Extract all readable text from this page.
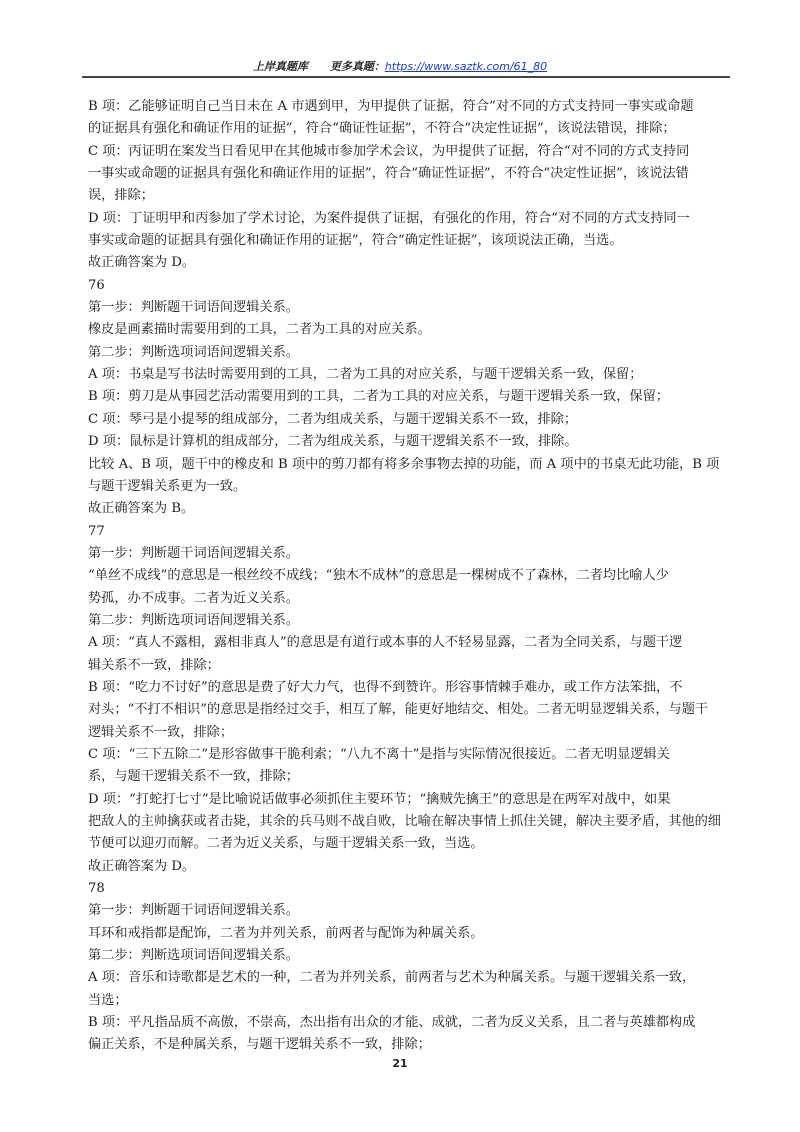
上岸真题库　　更多真题：https://www.saztk.com/61_80
B 项：乙能够证明自己当日未在 A 市遇到甲，为甲提供了证据，符合“对不同的方式支持同一事实或命题
的证据具有强化和确证作用的证据”，符合“确证性证据”，不符合“决定性证据”，该说法错误，排除；
C 项：丙证明在案发当日看见甲在其他城市参加学术会议，为甲提供了证据，符合“对不同的方式支持同
一事实或命题的证据具有强化和确证作用的证据”，符合“确证性证据”，不符合“决定性证据”，该说法错
误，排除；
D 项：丁证明甲和丙参加了学术讨论，为案件提供了证据，有强化的作用，符合“对不同的方式支持同一
事实或命题的证据具有强化和确证作用的证据”，符合“确定性证据”，该项说法正确，当选。
故正确答案为 D。
76
第一步：判断题干词语间逻辑关系。
橡皮是画素描时需要用到的工具，二者为工具的对应关系。
第二步：判断选项词语间逻辑关系。
A 项：书桌是写书法时需要用到的工具，二者为工具的对应关系，与题干逻辑关系一致，保留；
B 项：剪刀是从事园艺活动需要用到的工具，二者为工具的对应关系，与题干逻辑关系一致，保留；
C 项：琴弓是小提琴的组成部分，二者为组成关系，与题干逻辑关系不一致，排除；
D 项：鼠标是计算机的组成部分，二者为组成关系，与题干逻辑关系不一致，排除。
比较 A、B 项，题干中的橡皮和 B 项中的剪刀都有将多余事物去掉的功能，而 A 项中的书桌无此功能，B 项
与题干逻辑关系更为一致。
故正确答案为 B。
77
第一步：判断题干词语间逻辑关系。
“单丝不成线”的意思是一根丝绞不成线；“独木不成林”的意思是一棵树成不了森林，二者均比喻人少
势孤，办不成事。二者为近义关系。
第二步：判断选项词语间逻辑关系。
A 项：“真人不露相，露相非真人”的意思是有道行或本事的人不轻易显露，二者为全同关系，与题干逻
辑关系不一致，排除；
B 项：“吃力不讨好”的意思是费了好大力气，也得不到赞许。形容事情棘手难办，或工作方法笨拙，不
对头；“不打不相识”的意思是指经过交手，相互了解，能更好地结交、相处。二者无明显逻辑关系，与题干
逻辑关系不一致，排除；
C 项：“三下五除二”是形容做事干脆利索；“八九不离十”是指与实际情况很接近。二者无明显逻辑关
系，与题干逻辑关系不一致，排除；
D 项：“打蛇打七寸”是比喻说话做事必须抓住主要环节；“擒贼先擒王”的意思是在两军对战中，如果
把敌人的主帅擒获或者击毙，其余的兵马则不战自败，比喻在解决事情上抓住关键，解决主要矛盾，其他的细
节便可以迎刃而解。二者为近义关系，与题干逻辑关系一致，当选。
故正确答案为 D。
78
第一步：判断题干词语间逻辑关系。
耳环和戒指都是配饰，二者为并列关系，前两者与配饰为种属关系。
第二步：判断选项词语间逻辑关系。
A 项：音乐和诗歌都是艺术的一种，二者为并列关系，前两者与艺术为种属关系。与题干逻辑关系一致，
当选；
B 项：平凡指品质不高傲，不崇高，杰出指有出众的才能、成就，二者为反义关系，且二者与英雄都构成
偏正关系，不是种属关系，与题干逻辑关系不一致，排除；
21
